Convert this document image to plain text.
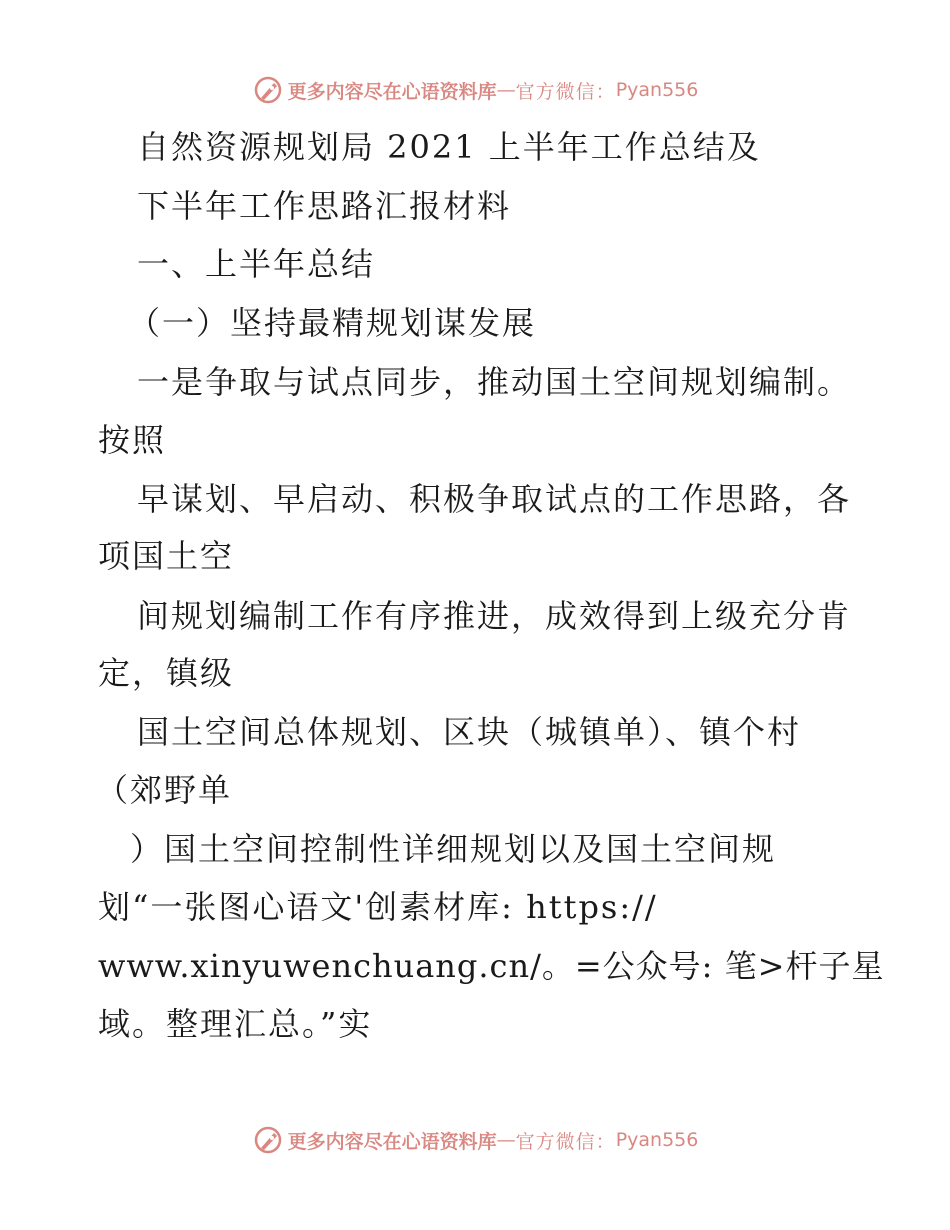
更多内容尽在心语资料库 — 官方微信： Pyan556
自然资源规划局 2021 上半年工作总结及
下半年工作思路汇报材料
一、上半年总结
（一）坚持最精规划谋发展
一是争取与试点同步，推动国土空间规划编制。
按照
早谋划、早启动、积极争取试点的工作思路，各
项国土空
间规划编制工作有序推进，成效得到上级充分肯
定，镇级
国土空间总体规划、区块（城镇单）、镇个村
（郊野单
）国土空间控制性详细规划以及国土空间规
划“一张图心语文'创素材库: https://
www.xinyuwenchuang.cn/。=公众号: 笔>杆子星
域。整理汇总。”实
更多内容尽在心语资料库 — 官方微信： Pyan556
